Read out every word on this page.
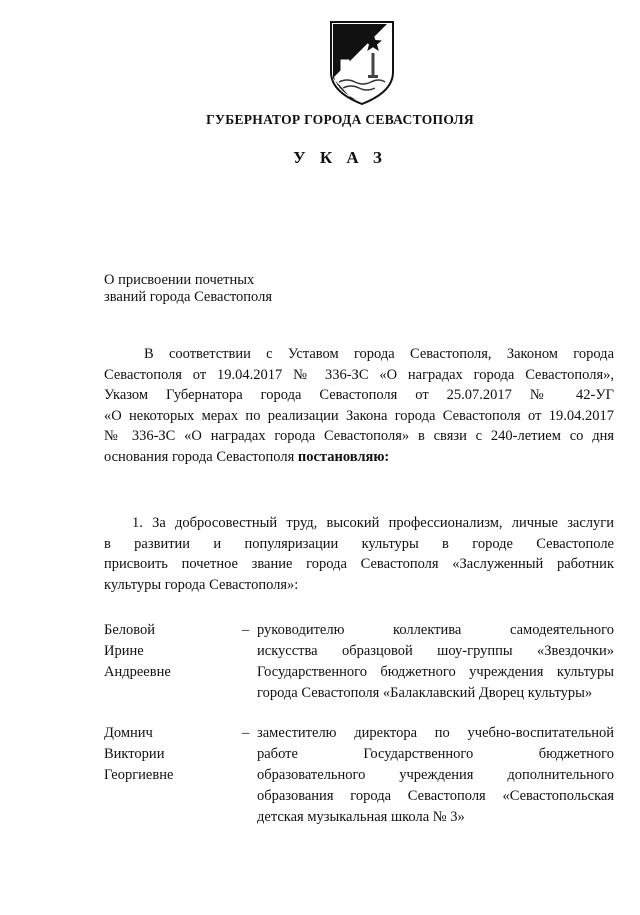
ГУБЕРНАТОР ГОРОДА СЕВАСТОПОЛЯ
У К А З
О присвоении почетных
званий города Севастополя
В соответствии с Уставом города Севастополя, Законом города
Севастополя от 19.04.2017 № 336-ЗС «О наградах города Севастополя»,
Указом Губернатора города Севастополя от 25.07.2017 № 42-УГ
«О некоторых мерах по реализации Закона города Севастополя от 19.04.2017
№ 336-ЗС «О наградах города Севастополя» в связи с 240-летием со дня
основания города Севастополя постановляю:
1. За добросовестный труд, высокий профессионализм, личные заслуги
в развитии и популяризации культуры в городе Севастополе
присвоить почетное звание города Севастополя «Заслуженный работник
культуры города Севастополя»:
Беловой
Ирине
Андреевне
– руководителю коллектива самодеятельного
искусства образцовой шоу-группы «Звездочки»
Государственного бюджетного учреждения культуры
города Севастополя «Балаклавский Дворец культуры»
Домнич
Виктории
Георгиевне
– заместителю директора по учебно-воспитательной
работе Государственного бюджетного
образовательного учреждения дополнительного
образования города Севастополя «Севастопольская
детская музыкальная школа № 3»
